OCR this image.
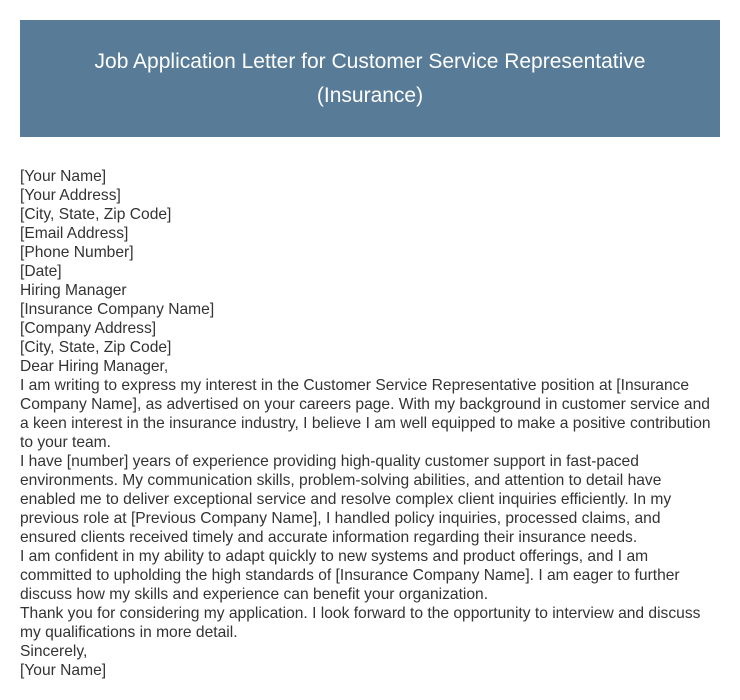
Job Application Letter for Customer Service Representative (Insurance)
[Your Name]
[Your Address]
[City, State, Zip Code]
[Email Address]
[Phone Number]
[Date]
Hiring Manager
[Insurance Company Name]
[Company Address]
[City, State, Zip Code]
Dear Hiring Manager,

I am writing to express my interest in the Customer Service Representative position at [Insurance Company Name], as advertised on your careers page. With my background in customer service and a keen interest in the insurance industry, I believe I am well equipped to make a positive contribution to your team.

I have [number] years of experience providing high-quality customer support in fast-paced environments. My communication skills, problem-solving abilities, and attention to detail have enabled me to deliver exceptional service and resolve complex client inquiries efficiently. In my previous role at [Previous Company Name], I handled policy inquiries, processed claims, and ensured clients received timely and accurate information regarding their insurance needs.

I am confident in my ability to adapt quickly to new systems and product offerings, and I am committed to upholding the high standards of [Insurance Company Name]. I am eager to further discuss how my skills and experience can benefit your organization.

Thank you for considering my application. I look forward to the opportunity to interview and discuss my qualifications in more detail.

Sincerely,
[Your Name]
